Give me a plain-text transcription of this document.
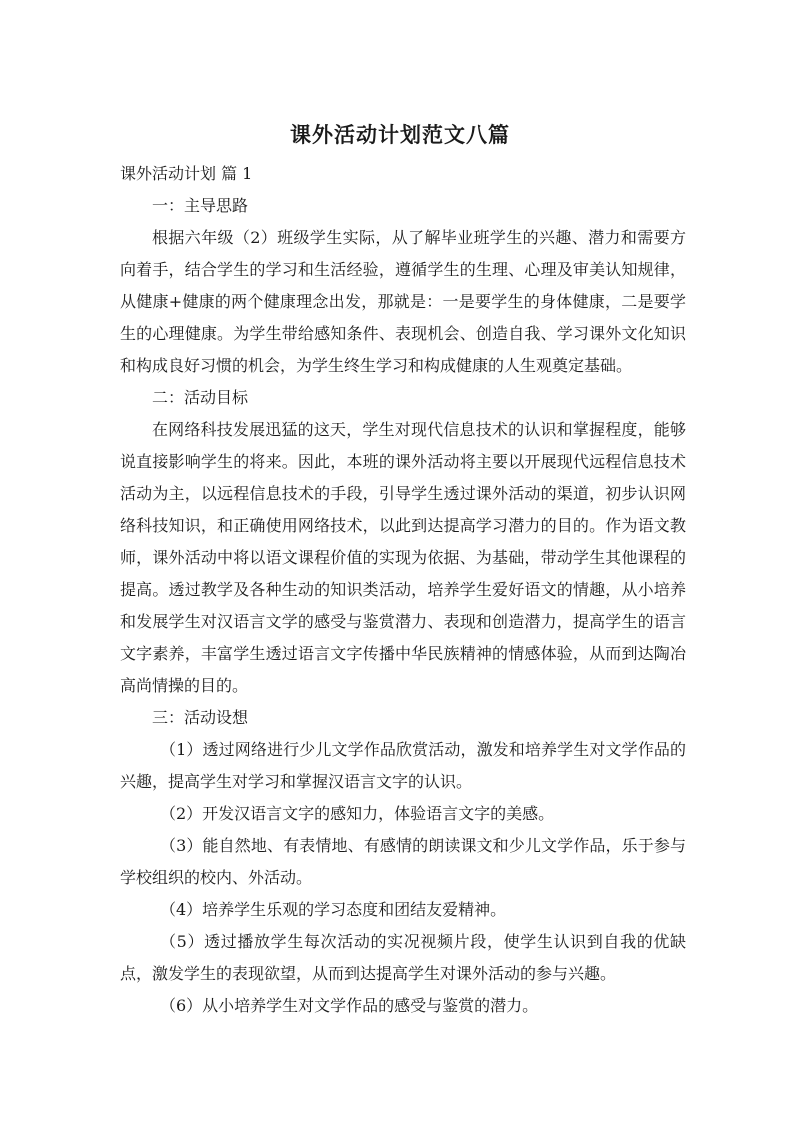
课外活动计划范文八篇

课外活动计划 篇 1

一：主导思路

根据六年级（2）班级学生实际，从了解毕业班学生的兴趣、潜力和需要方向着手，结合学生的学习和生活经验，遵循学生的生理、心理及审美认知规律，从健康+健康的两个健康理念出发，那就是：一是要学生的身体健康，二是要学生的心理健康。为学生带给感知条件、表现机会、创造自我、学习课外文化知识和构成良好习惯的机会，为学生终生学习和构成健康的人生观奠定基础。

二：活动目标

在网络科技发展迅猛的这天，学生对现代信息技术的认识和掌握程度，能够说直接影响学生的将来。因此，本班的课外活动将主要以开展现代远程信息技术活动为主，以远程信息技术的手段，引导学生透过课外活动的渠道，初步认识网络科技知识，和正确使用网络技术，以此到达提高学习潜力的目的。作为语文教师，课外活动中将以语文课程价值的实现为依据、为基础，带动学生其他课程的提高。透过教学及各种生动的知识类活动，培养学生爱好语文的情趣，从小培养和发展学生对汉语言文学的感受与鉴赏潜力、表现和创造潜力，提高学生的语言文字素养，丰富学生透过语言文字传播中华民族精神的情感体验，从而到达陶冶高尚情操的目的。

三：活动设想

（1）透过网络进行少儿文学作品欣赏活动，激发和培养学生对文学作品的兴趣，提高学生对学习和掌握汉语言文字的认识。

（2）开发汉语言文字的感知力，体验语言文字的美感。

（3）能自然地、有表情地、有感情的朗读课文和少儿文学作品，乐于参与学校组织的校内、外活动。

（4）培养学生乐观的学习态度和团结友爱精神。

（5）透过播放学生每次活动的实况视频片段，使学生认识到自我的优缺点，激发学生的表现欲望，从而到达提高学生对课外活动的参与兴趣。

（6）从小培养学生对文学作品的感受与鉴赏的潜力。
